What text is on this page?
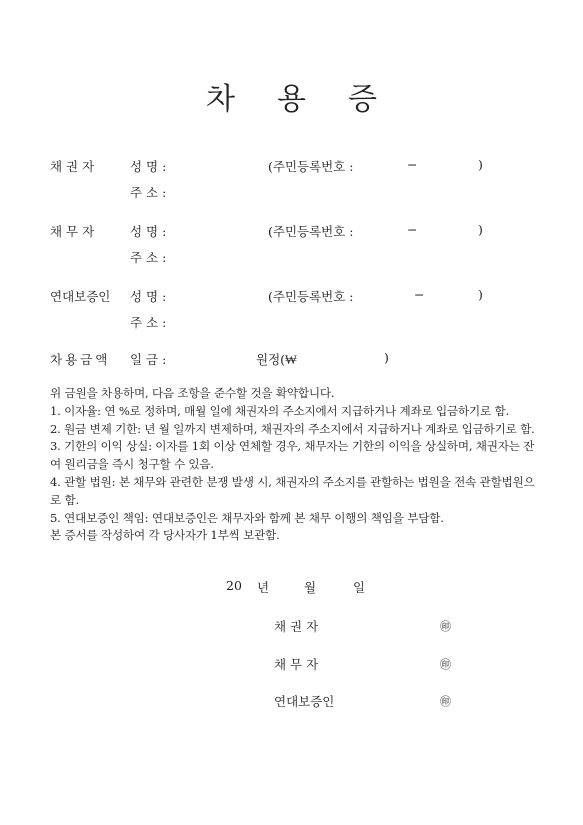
차 용 증
채 권 자	성 명 :	(주민등록번호 :	−	)
주 소 :
채 무 자	성 명 :	(주민등록번호 :	−	)
주 소 :
연대보증인 성 명 :	(주민등록번호 :	−	)
주 소 :
차용금액 일 금 :	원정(₩	)

위 금원을 차용하며, 다음 조항을 준수할 것을 확약합니다.

1. 이자율: 연 %로 정하며, 매월 일에 채권자의 주소지에서 지급하거나 계좌로 입금하기로 함.

2. 원금 변제 기한: 년 월 일까지 변제하며, 채권자의 주소지에서 지급하거나 계좌로 입금하기로 함.

3. 기한의 이익 상실: 이자를 1회 이상 연체할 경우, 채무자는 기한의 이익을 상실하며, 채권자는 잔여 원리금을 즉시 청구할 수 있음.

4. 관할 법원: 본 채무와 관련한 분쟁 발생 시, 채권자의 주소지를 관할하는 법원을 전속 관할법원으로 함.

5. 연대보증인 책임: 연대보증인은 채무자와 함께 본 채무 이행의 책임을 부담함.

본 증서를 작성하여 각 당사자가 1부씩 보관함.

20 년	월	일
채 권 자	㊞
채 무 자	㊞
연대보증인	㊞
